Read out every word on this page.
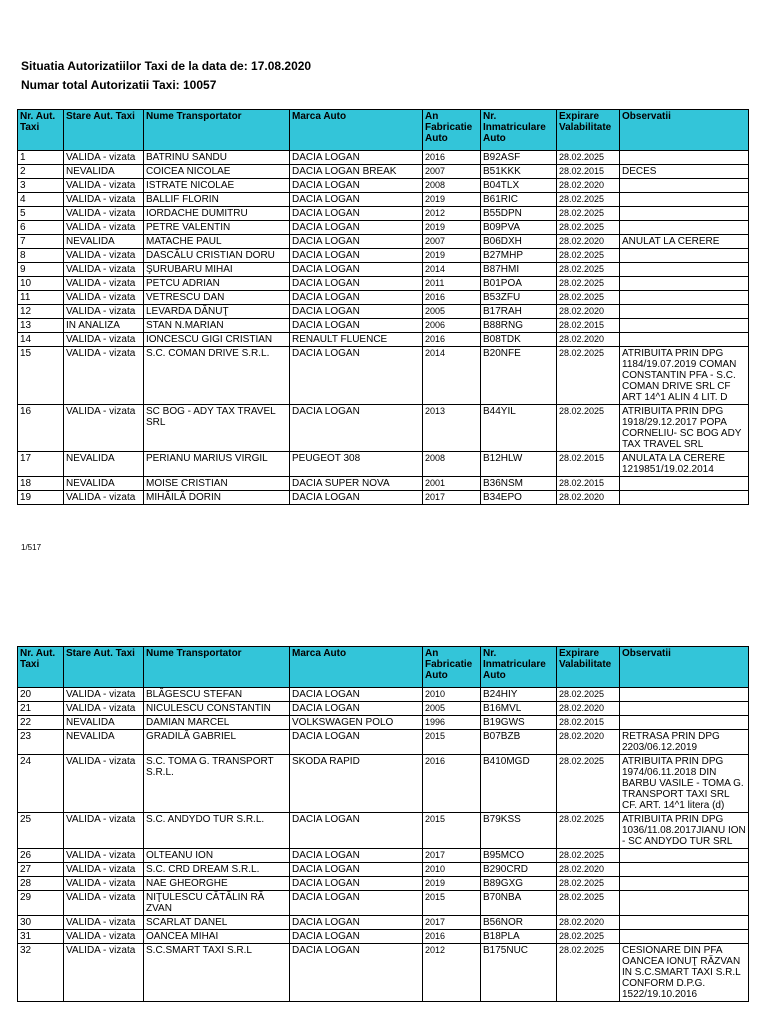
Situatia Autorizatiilor Taxi de la data de: 17.08.2020
Numar total Autorizatii Taxi: 10057
Nr. Aut. Taxi	Stare Aut. Taxi	Nume Transportator	Marca Auto	An Fabricatie Auto	Nr. Inmatriculare Auto	Expirare Valabilitate	Observatii
1	VALIDA - vizata	BATRINU SANDU	DACIA LOGAN	2016	B92ASF	28.02.2025	
2	NEVALIDA	COICEA NICOLAE	DACIA LOGAN BREAK	2007	B51KKK	28.02.2015	DECES
3	VALIDA - vizata	ISTRATE NICOLAE	DACIA LOGAN	2008	B04TLX	28.02.2020	
4	VALIDA - vizata	BALLIF FLORIN	DACIA LOGAN	2019	B61RIC	28.02.2025	
5	VALIDA - vizata	IORDACHE DUMITRU	DACIA LOGAN	2012	B55DPN	28.02.2025	
6	VALIDA - vizata	PETRE VALENTIN	DACIA LOGAN	2019	B09PVA	28.02.2025	
7	NEVALIDA	MATACHE PAUL	DACIA LOGAN	2007	B06DXH	28.02.2020	ANULAT LA CERERE
8	VALIDA - vizata	DASCĂLU CRISTIAN DORU	DACIA LOGAN	2019	B27MHP	28.02.2025	
9	VALIDA - vizata	ŞURUBARU MIHAI	DACIA LOGAN	2014	B87HMI	28.02.2025	
10	VALIDA - vizata	PETCU ADRIAN	DACIA LOGAN	2011	B01POA	28.02.2025	
11	VALIDA - vizata	VETRESCU DAN	DACIA LOGAN	2016	B53ZFU	28.02.2025	
12	VALIDA - vizata	LEVARDA DĂNUŢ	DACIA LOGAN	2005	B17RAH	28.02.2020	
13	IN ANALIZA	STAN N.MARIAN	DACIA LOGAN	2006	B88RNG	28.02.2015	
14	VALIDA - vizata	IONCESCU GIGI CRISTIAN	RENAULT FLUENCE	2016	B08TDK	28.02.2020	
15	VALIDA - vizata	S.C. COMAN DRIVE S.R.L.	DACIA LOGAN	2014	B20NFE	28.02.2025	ATRIBUITA PRIN DPG 1184/19.07.2019 COMAN CONSTANTIN PFA - S.C. COMAN DRIVE SRL CF ART 14^1 ALIN 4 LIT. D
16	VALIDA - vizata	SC BOG - ADY TAX TRAVEL SRL	DACIA LOGAN	2013	B44YIL	28.02.2025	ATRIBUITA PRIN DPG 1918/29.12.2017 POPA CORNELIU- SC BOG ADY TAX TRAVEL SRL
17	NEVALIDA	PERIANU MARIUS VIRGIL	PEUGEOT 308	2008	B12HLW	28.02.2015	ANULATA LA CERERE 1219851/19.02.2014
18	NEVALIDA	MOISE CRISTIAN	DACIA SUPER NOVA	2001	B36NSM	28.02.2015	
19	VALIDA - vizata	MIHĂILĂ DORIN	DACIA LOGAN	2017	B34EPO	28.02.2020	
1/517
Nr. Aut. Taxi	Stare Aut. Taxi	Nume Transportator	Marca Auto	An Fabricatie Auto	Nr. Inmatriculare Auto	Expirare Valabilitate	Observatii
20	VALIDA - vizata	BLĂGESCU STEFAN	DACIA LOGAN	2010	B24HIY	28.02.2025	
21	VALIDA - vizata	NICULESCU CONSTANTIN	DACIA LOGAN	2005	B16MVL	28.02.2020	
22	NEVALIDA	DAMIAN MARCEL	VOLKSWAGEN POLO	1996	B19GWS	28.02.2015	
23	NEVALIDA	GRADILĂ GABRIEL	DACIA LOGAN	2015	B07BZB	28.02.2020	RETRASA PRIN DPG 2203/06.12.2019
24	VALIDA - vizata	S.C. TOMA G. TRANSPORT S.R.L.	SKODA RAPID	2016	B410MGD	28.02.2025	ATRIBUITA PRIN DPG 1974/06.11.2018 DIN BARBU VASILE - TOMA G. TRANSPORT TAXI SRL CF. ART. 14^1 litera (d)
25	VALIDA - vizata	S.C. ANDYDO TUR S.R.L.	DACIA LOGAN	2015	B79KSS	28.02.2025	ATRIBUITA PRIN DPG 1036/11.08.2017JIANU ION - SC ANDYDO TUR SRL
26	VALIDA - vizata	OLTEANU ION	DACIA LOGAN	2017	B95MCO	28.02.2025	
27	VALIDA - vizata	S.C. CRD DREAM S.R.L.	DACIA LOGAN	2010	B290CRD	28.02.2020	
28	VALIDA - vizata	NAE GHEORGHE	DACIA LOGAN	2019	B89GXG	28.02.2025	
29	VALIDA - vizata	NIŢULESCU CĂTĂLIN RĂ ZVAN	DACIA LOGAN	2015	B70NBA	28.02.2025	
30	VALIDA - vizata	SCARLAT DANEL	DACIA LOGAN	2017	B56NOR	28.02.2020	
31	VALIDA - vizata	OANCEA MIHAI	DACIA LOGAN	2016	B18PLA	28.02.2025	
32	VALIDA - vizata	S.C.SMART TAXI S.R.L	DACIA LOGAN	2012	B175NUC	28.02.2025	CESIONARE DIN PFA OANCEA IONUŢ RĂZVAN IN S.C.SMART TAXI S.R.L CONFORM D.P.G. 1522/19.10.2016
